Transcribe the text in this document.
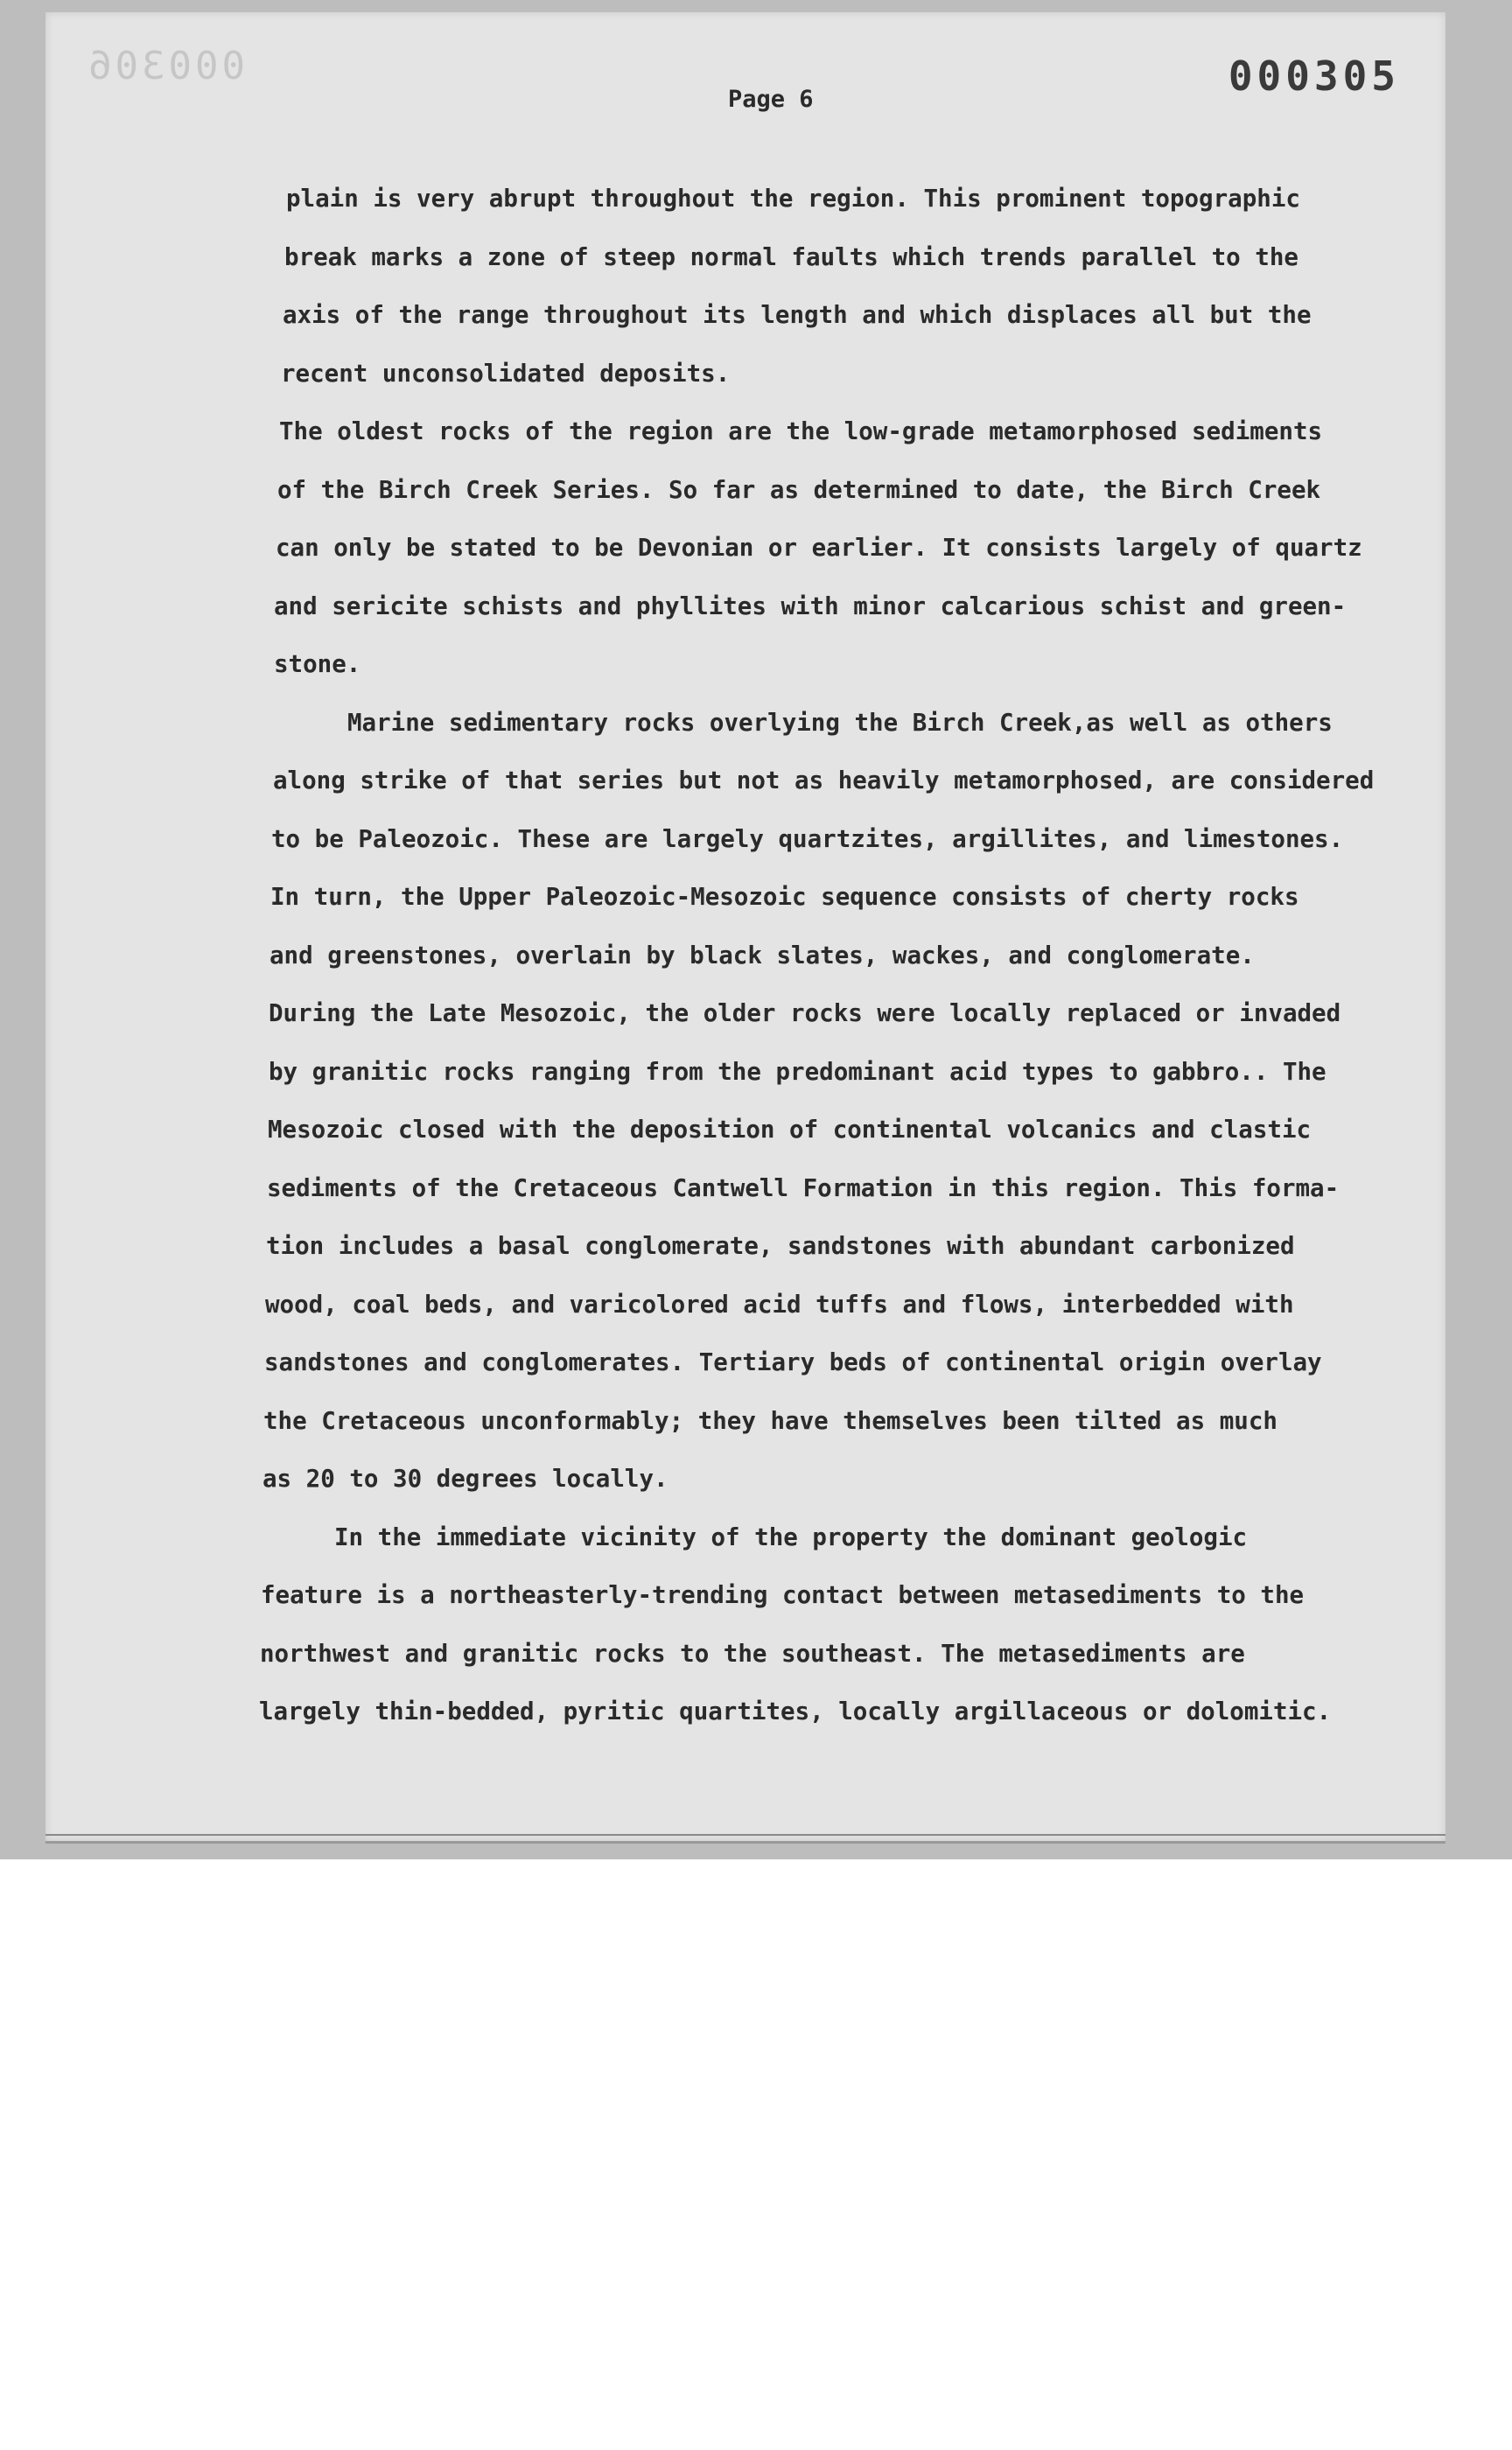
000306	000305
Page 6
plain is very abrupt throughout the region. This prominent topographic
break marks a zone of steep normal faults which trends parallel to the
axis of the range throughout its length and which displaces all but the
recent unconsolidated deposits.
The oldest rocks of the region are the low-grade metamorphosed sediments
of the Birch Creek Series. So far as determined to date, the Birch Creek
can only be stated to be Devonian or earlier. It consists largely of quartz
and sericite schists and phyllites with minor calcarious schist and green-
stone.
Marine sedimentary rocks overlying the Birch Creek,as well as others
along strike of that series but not as heavily metamorphosed, are considered
to be Paleozoic. These are largely quartzites, argillites, and limestones.
In turn, the Upper Paleozoic-Mesozoic sequence consists of cherty rocks
and greenstones, overlain by black slates, wackes, and conglomerate.
During the Late Mesozoic, the older rocks were locally replaced or invaded
by granitic rocks ranging from the predominant acid types to gabbro.. The
Mesozoic closed with the deposition of continental volcanics and clastic
sediments of the Cretaceous Cantwell Formation in this region. This forma-
tion includes a basal conglomerate, sandstones with abundant carbonized
wood, coal beds, and varicolored acid tuffs and flows, interbedded with
sandstones and conglomerates. Tertiary beds of continental origin overlay
the Cretaceous unconformably; they have themselves been tilted as much
as 20 to 30 degrees locally.
In the immediate vicinity of the property the dominant geologic
feature is a northeasterly-trending contact between metasediments to the
northwest and granitic rocks to the southeast. The metasediments are
largely thin-bedded, pyritic quartites, locally argillaceous or dolomitic.
